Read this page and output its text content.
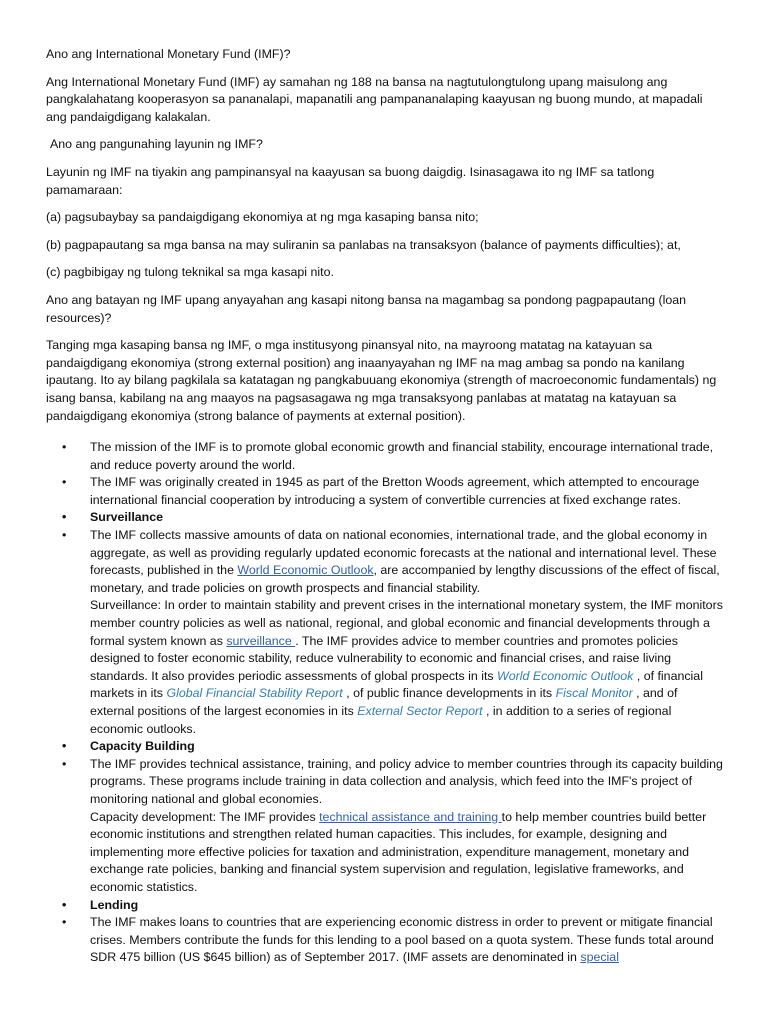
Ano ang International Monetary Fund (IMF)?

Ang International Monetary Fund (IMF) ay samahan ng 188 na bansa na nagtutulongtulong upang maisulong ang pangkalahatang kooperasyon sa pananalapi, mapanatili ang pampananalaping kaayusan ng buong mundo, at mapadali ang pandaigdigang kalakalan.

Ano ang pangunahing layunin ng IMF?

Layunin ng IMF na tiyakin ang pampinansyal na kaayusan sa buong daigdig. Isinasagawa ito ng IMF sa tatlong pamamaraan:

(a) pagsubaybay sa pandaigdigang ekonomiya at ng mga kasaping bansa nito;

(b) pagpapautang sa mga bansa na may suliranin sa panlabas na transaksyon (balance of payments difficulties); at,

(c) pagbibigay ng tulong teknikal sa mga kasapi nito.

Ano ang batayan ng IMF upang anyayahan ang kasapi nitong bansa na magambag sa pondong pagpapautang (loan resources)?

Tanging mga kasaping bansa ng IMF, o mga institusyong pinansyal nito, na mayroong matatag na katayuan sa pandaigdigang ekonomiya (strong external position) ang inaanyayahan ng IMF na mag ambag sa pondo na kanilang ipautang. Ito ay bilang pagkilala sa katatagan ng pangkabuuang ekonomiya (strength of macroeconomic fundamentals) ng isang bansa, kabilang na ang maayos na pagsasagawa ng mga transaksyong panlabas at matatag na katayuan sa pandaigdigang ekonomiya (strong balance of payments at external position).

• The mission of the IMF is to promote global economic growth and financial stability, encourage international trade, and reduce poverty around the world.
• The IMF was originally created in 1945 as part of the Bretton Woods agreement, which attempted to encourage international financial cooperation by introducing a system of convertible currencies at fixed exchange rates.
• Surveillance
• The IMF collects massive amounts of data on national economies, international trade, and the global economy in aggregate, as well as providing regularly updated economic forecasts at the national and international level. These forecasts, published in the World Economic Outlook, are accompanied by lengthy discussions of the effect of fiscal, monetary, and trade policies on growth prospects and financial stability.
Surveillance: In order to maintain stability and prevent crises in the international monetary system, the IMF monitors member country policies as well as national, regional, and global economic and financial developments through a formal system known as surveillance . The IMF provides advice to member countries and promotes policies designed to foster economic stability, reduce vulnerability to economic and financial crises, and raise living standards. It also provides periodic assessments of global prospects in its World Economic Outlook , of financial markets in its Global Financial Stability Report , of public finance developments in its Fiscal Monitor , and of external positions of the largest economies in its External Sector Report , in addition to a series of regional economic outlooks.
• Capacity Building
• The IMF provides technical assistance, training, and policy advice to member countries through its capacity building programs. These programs include training in data collection and analysis, which feed into the IMF's project of monitoring national and global economies.
Capacity development: The IMF provides technical assistance and training to help member countries build better economic institutions and strengthen related human capacities. This includes, for example, designing and implementing more effective policies for taxation and administration, expenditure management, monetary and exchange rate policies, banking and financial system supervision and regulation, legislative frameworks, and economic statistics.
• Lending
• The IMF makes loans to countries that are experiencing economic distress in order to prevent or mitigate financial crises. Members contribute the funds for this lending to a pool based on a quota system. These funds total around SDR 475 billion (US $645 billion) as of September 2017. (IMF assets are denominated in special
